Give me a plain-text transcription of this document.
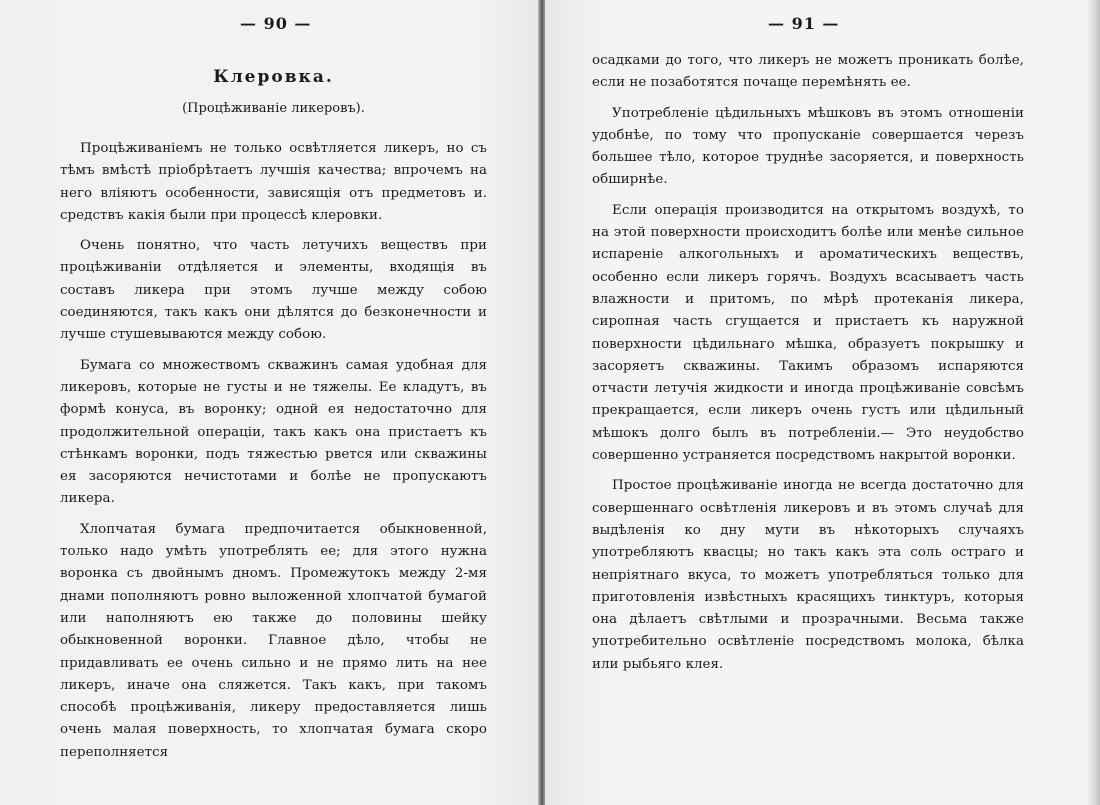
— 90 —
Клеровка.
(Процѣживаніе ликеровъ).

Процѣживаніемъ не только освѣтляется ликеръ, но съ тѣмъ вмѣстѣ пріобрѣтаетъ лучшія качества; впрочемъ на него вліяютъ особенности, зависящія отъ предметовъ и. средствъ какія были при процессѣ клеровки.

Очень понятно, что часть летучихъ веществъ при процѣживаніи отдѣляется и элементы, входящія въ составъ ликера при этомъ лучше между собою соединяются, такъ какъ они дѣлятся до безконечности и лучше стушевываются между собою.

Бумага со множествомъ скважинъ самая удобная для ликеровъ, которые не густы и не тяжелы. Ее кладутъ, въ формѣ конуса, въ воронку; одной ея недостаточно для продолжительной операціи, такъ какъ она пристаетъ къ стѣнкамъ воронки, подъ тяжестью рвется или скважины ея засоряются нечистотами и болѣе не пропускаютъ ликера.

Хлопчатая бумага предпочитается обыкновенной, только надо умѣть употреблять ее; для этого нужна воронка съ двойнымъ дномъ. Промежутокъ между 2-мя днами пополняютъ ровно выложенной хлопчатой бумагой или наполняютъ ею также до половины шейку обыкновенной воронки. Главное дѣло, чтобы не придавливать ее очень сильно и не прямо лить на нее ликеръ, иначе она сляжется. Такъ какъ, при такомъ способѣ процѣживанія, ликеру предоставляется лишь очень малая поверхность, то хлопчатая бумага скоро переполняется

— 91 —

осадками до того, что ликеръ не можетъ проникать болѣе, если не позаботятся почаще перемѣнять ее.

Употребленіе цѣдильныхъ мѣшковъ въ этомъ отношеніи удобнѣе, по тому что пропусканіе совершается черезъ большее тѣло, которое труднѣе засоряется, и поверхность обширнѣе.

Если операція производится на открытомъ воздухѣ, то на этой поверхности происходитъ болѣе или менѣе сильное испареніе алкогольныхъ и ароматическихъ веществъ, особенно если ликеръ горячъ. Воздухъ всасываетъ часть влажности и притомъ, по мѣрѣ протеканія ликера, сиропная часть сгущается и пристаетъ къ наружной поверхности цѣдильнаго мѣшка, образуетъ покрышку и засоряетъ скважины. Такимъ образомъ испаряются отчасти летучія жидкости и иногда процѣживаніе совсѣмъ прекращается, если ликеръ очень густъ или цѣдильный мѣшокъ долго былъ въ потребленіи.— Это неудобство совершенно устраняется посредствомъ накрытой воронки.

Простое процѣживаніе иногда не всегда достаточно для совершеннаго освѣтленія ликеровъ и въ этомъ случаѣ для выдѣленія ко дну мути въ нѣкоторыхъ случаяхъ употребляютъ квасцы; но такъ какъ эта соль остраго и непріятнаго вкуса, то можетъ употребляться только для приготовленія извѣстныхъ красящихъ тинктуръ, которыя она дѣлаетъ свѣтлыми и прозрачными. Весьма также употребительно освѣтленіе посредствомъ молока, бѣлка или рыбьяго клея.
